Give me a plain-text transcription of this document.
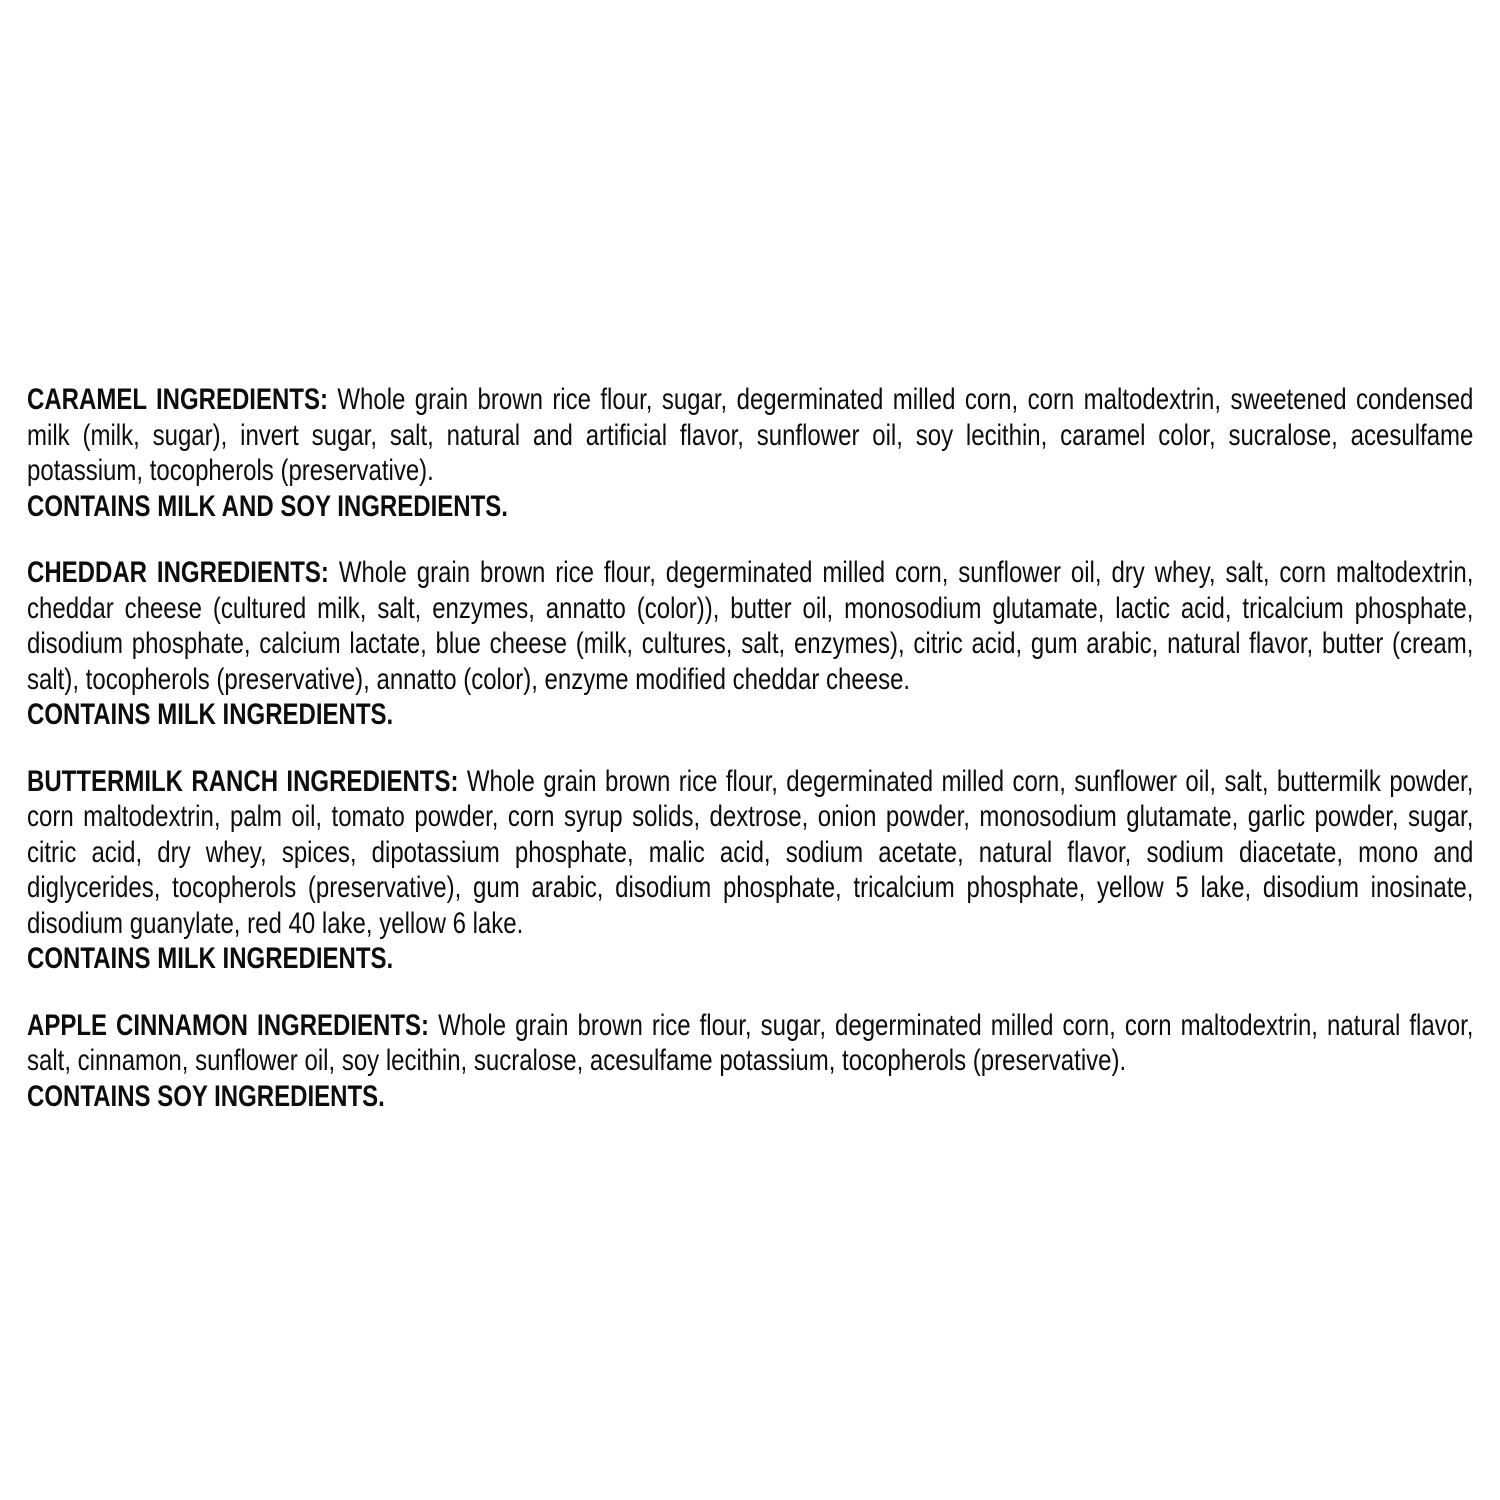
CARAMEL INGREDIENTS: Whole grain brown rice flour, sugar, degerminated milled corn, corn maltodextrin, sweetened condensed milk (milk, sugar), invert sugar, salt, natural and artificial flavor, sunflower oil, soy lecithin, caramel color, sucralose, acesulfame potassium, tocopherols (preservative).

CONTAINS MILK AND SOY INGREDIENTS.

CHEDDAR INGREDIENTS: Whole grain brown rice flour, degerminated milled corn, sunflower oil, dry whey, salt, corn maltodextrin, cheddar cheese (cultured milk, salt, enzymes, annatto (color)), butter oil, monosodium glutamate, lactic acid, tricalcium phosphate, disodium phosphate, calcium lactate, blue cheese (milk, cultures, salt, enzymes), citric acid, gum arabic, natural flavor, butter (cream, salt), tocopherols (preservative), annatto (color), enzyme modified cheddar cheese.

CONTAINS MILK INGREDIENTS.

BUTTERMILK RANCH INGREDIENTS: Whole grain brown rice flour, degerminated milled corn, sunflower oil, salt, buttermilk powder, corn maltodextrin, palm oil, tomato powder, corn syrup solids, dextrose, onion powder, monosodium glutamate, garlic powder, sugar, citric acid, dry whey, spices, dipotassium phosphate, malic acid, sodium acetate, natural flavor, sodium diacetate, mono and diglycerides, tocopherols (preservative), gum arabic, disodium phosphate, tricalcium phosphate, yellow 5 lake, disodium inosinate, disodium guanylate, red 40 lake, yellow 6 lake.

CONTAINS MILK INGREDIENTS.

APPLE CINNAMON INGREDIENTS: Whole grain brown rice flour, sugar, degerminated milled corn, corn maltodextrin, natural flavor, salt, cinnamon, sunflower oil, soy lecithin, sucralose, acesulfame potassium, tocopherols (preservative).

CONTAINS SOY INGREDIENTS.
